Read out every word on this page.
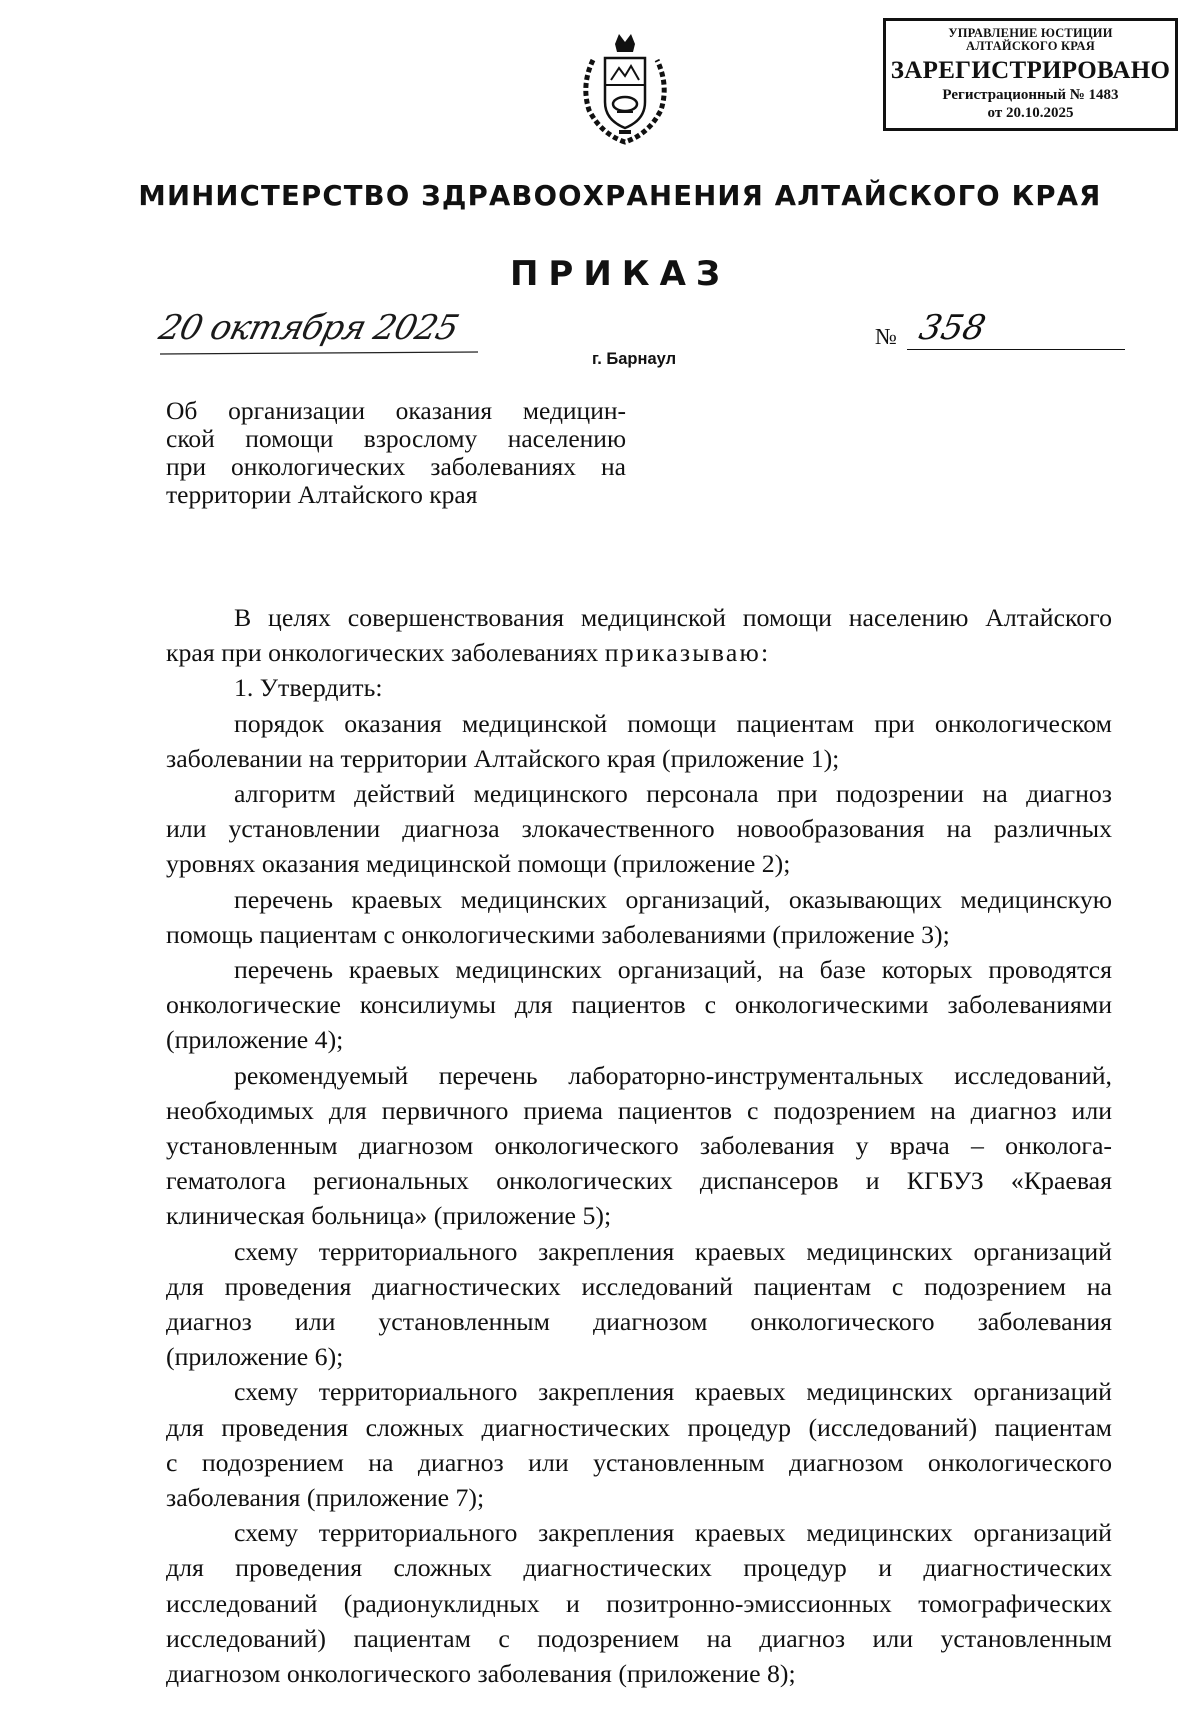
УПРАВЛЕНИЕ ЮСТИЦИИ
АЛТАЙСКОГО КРАЯ
ЗАРЕГИСТРИРОВАНО
Регистрационный № 1483
от 20.10.2025
МИНИСТЕРСТВО ЗДРАВООХРАНЕНИЯ АЛТАЙСКОГО КРАЯ
ПРИКАЗ
20 октября 2025	№ 358
г. Барнаул
Об организации оказания медицин-
ской помощи взрослому населению
при онкологических заболеваниях на
территории Алтайского края
В целях совершенствования медицинской помощи населению Алтайского
края при онкологических заболеваниях приказываю:
1. Утвердить:
порядок оказания медицинской помощи пациентам при онкологическом
заболевании на территории Алтайского края (приложение 1);
алгоритм действий медицинского персонала при подозрении на диагноз
или установлении диагноза злокачественного новообразования на различных
уровнях оказания медицинской помощи (приложение 2);
перечень краевых медицинских организаций, оказывающих медицинскую
помощь пациентам с онкологическими заболеваниями (приложение 3);
перечень краевых медицинских организаций, на базе которых проводятся
онкологические консилиумы для пациентов с онкологическими заболеваниями
(приложение 4);
рекомендуемый перечень лабораторно-инструментальных исследований,
необходимых для первичного приема пациентов с подозрением на диагноз или
установленным диагнозом онкологического заболевания у врача – онколога-
гематолога региональных онкологических диспансеров и КГБУЗ «Краевая
клиническая больница» (приложение 5);
схему территориального закрепления краевых медицинских организаций
для проведения диагностических исследований пациентам с подозрением на
диагноз или установленным диагнозом онкологического заболевания
(приложение 6);
схему территориального закрепления краевых медицинских организаций
для проведения сложных диагностических процедур (исследований) пациентам
с подозрением на диагноз или установленным диагнозом онкологического
заболевания (приложение 7);
схему территориального закрепления краевых медицинских организаций
для проведения сложных диагностических процедур и диагностических
исследований (радионуклидных и позитронно-эмиссионных томографических
исследований) пациентам с подозрением на диагноз или установленным
диагнозом онкологического заболевания (приложение 8);
